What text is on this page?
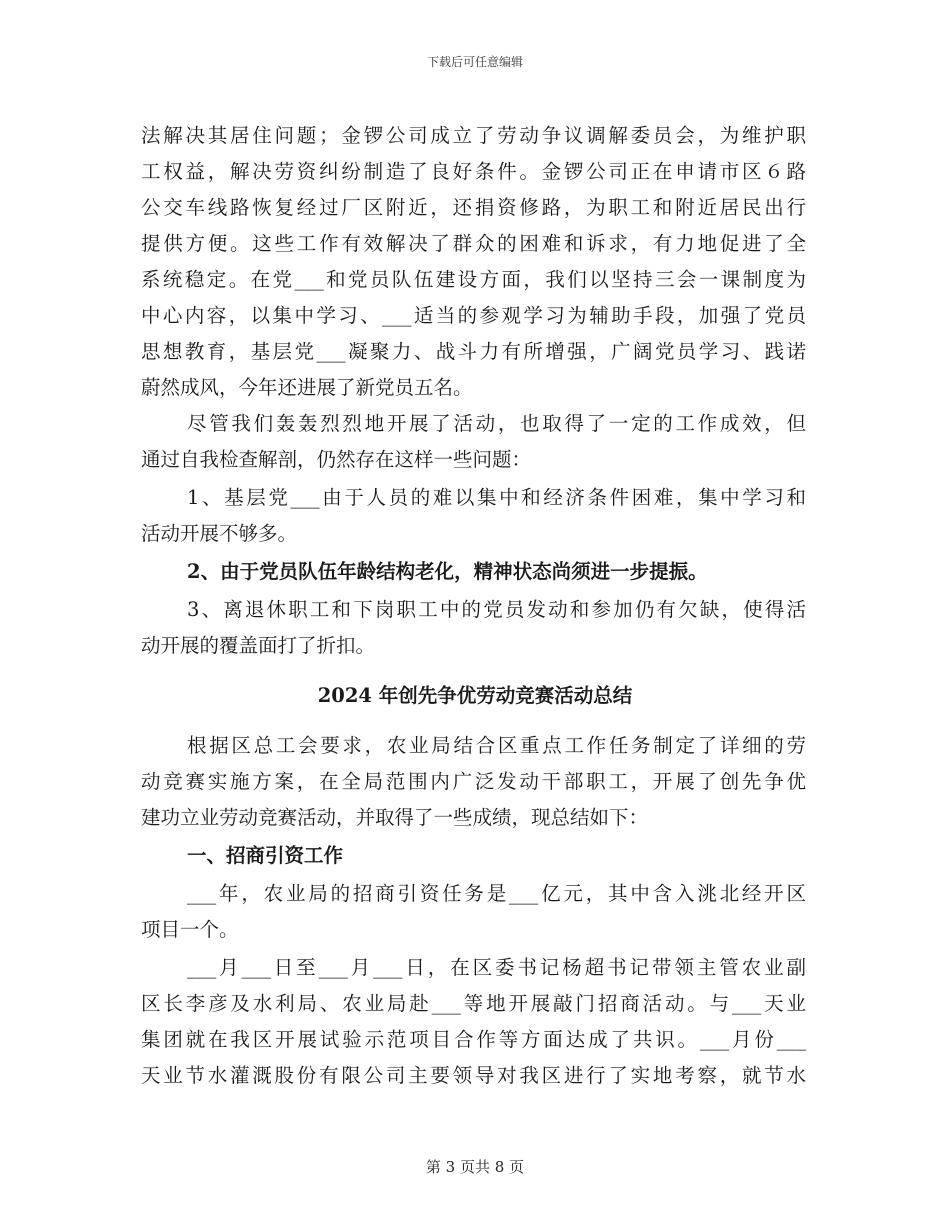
下载后可任意编辑
法解决其居住问题；金锣公司成立了劳动争议调解委员会，为维护职
工权益，解决劳资纠纷制造了良好条件。金锣公司正在申请市区６路
公交车线路恢复经过厂区附近，还捐资修路，为职工和附近居民出行
提供方便。这些工作有效解决了群众的困难和诉求，有力地促进了全
系统稳定。在党___和党员队伍建设方面，我们以坚持三会一课制度为
中心内容，以集中学习、___适当的参观学习为辅助手段，加强了党员
思想教育，基层党___凝聚力、战斗力有所增强，广阔党员学习、践诺
蔚然成风，今年还进展了新党员五名。
尽管我们轰轰烈烈地开展了活动，也取得了一定的工作成效，但
通过自我检查解剖，仍然存在这样一些问题：
1、基层党___由于人员的难以集中和经济条件困难，集中学习和
活动开展不够多。
2、由于党员队伍年龄结构老化，精神状态尚须进一步提振。
3、离退休职工和下岗职工中的党员发动和参加仍有欠缺，使得活
动开展的覆盖面打了折扣。
2024 年创先争优劳动竞赛活动总结
根据区总工会要求，农业局结合区重点工作任务制定了详细的劳
动竞赛实施方案，在全局范围内广泛发动干部职工，开展了创先争优
建功立业劳动竞赛活动，并取得了一些成绩，现总结如下：
一、招商引资工作
___年，农业局的招商引资任务是___亿元，其中含入洮北经开区
项目一个。
___月___日至___月___日，在区委书记杨超书记带领主管农业副
区长李彦及水利局、农业局赴___等地开展敲门招商活动。与___天业
集团就在我区开展试验示范项目合作等方面达成了共识。___月份___
天业节水灌溉股份有限公司主要领导对我区进行了实地考察，就节水
第 3 页共 8 页
